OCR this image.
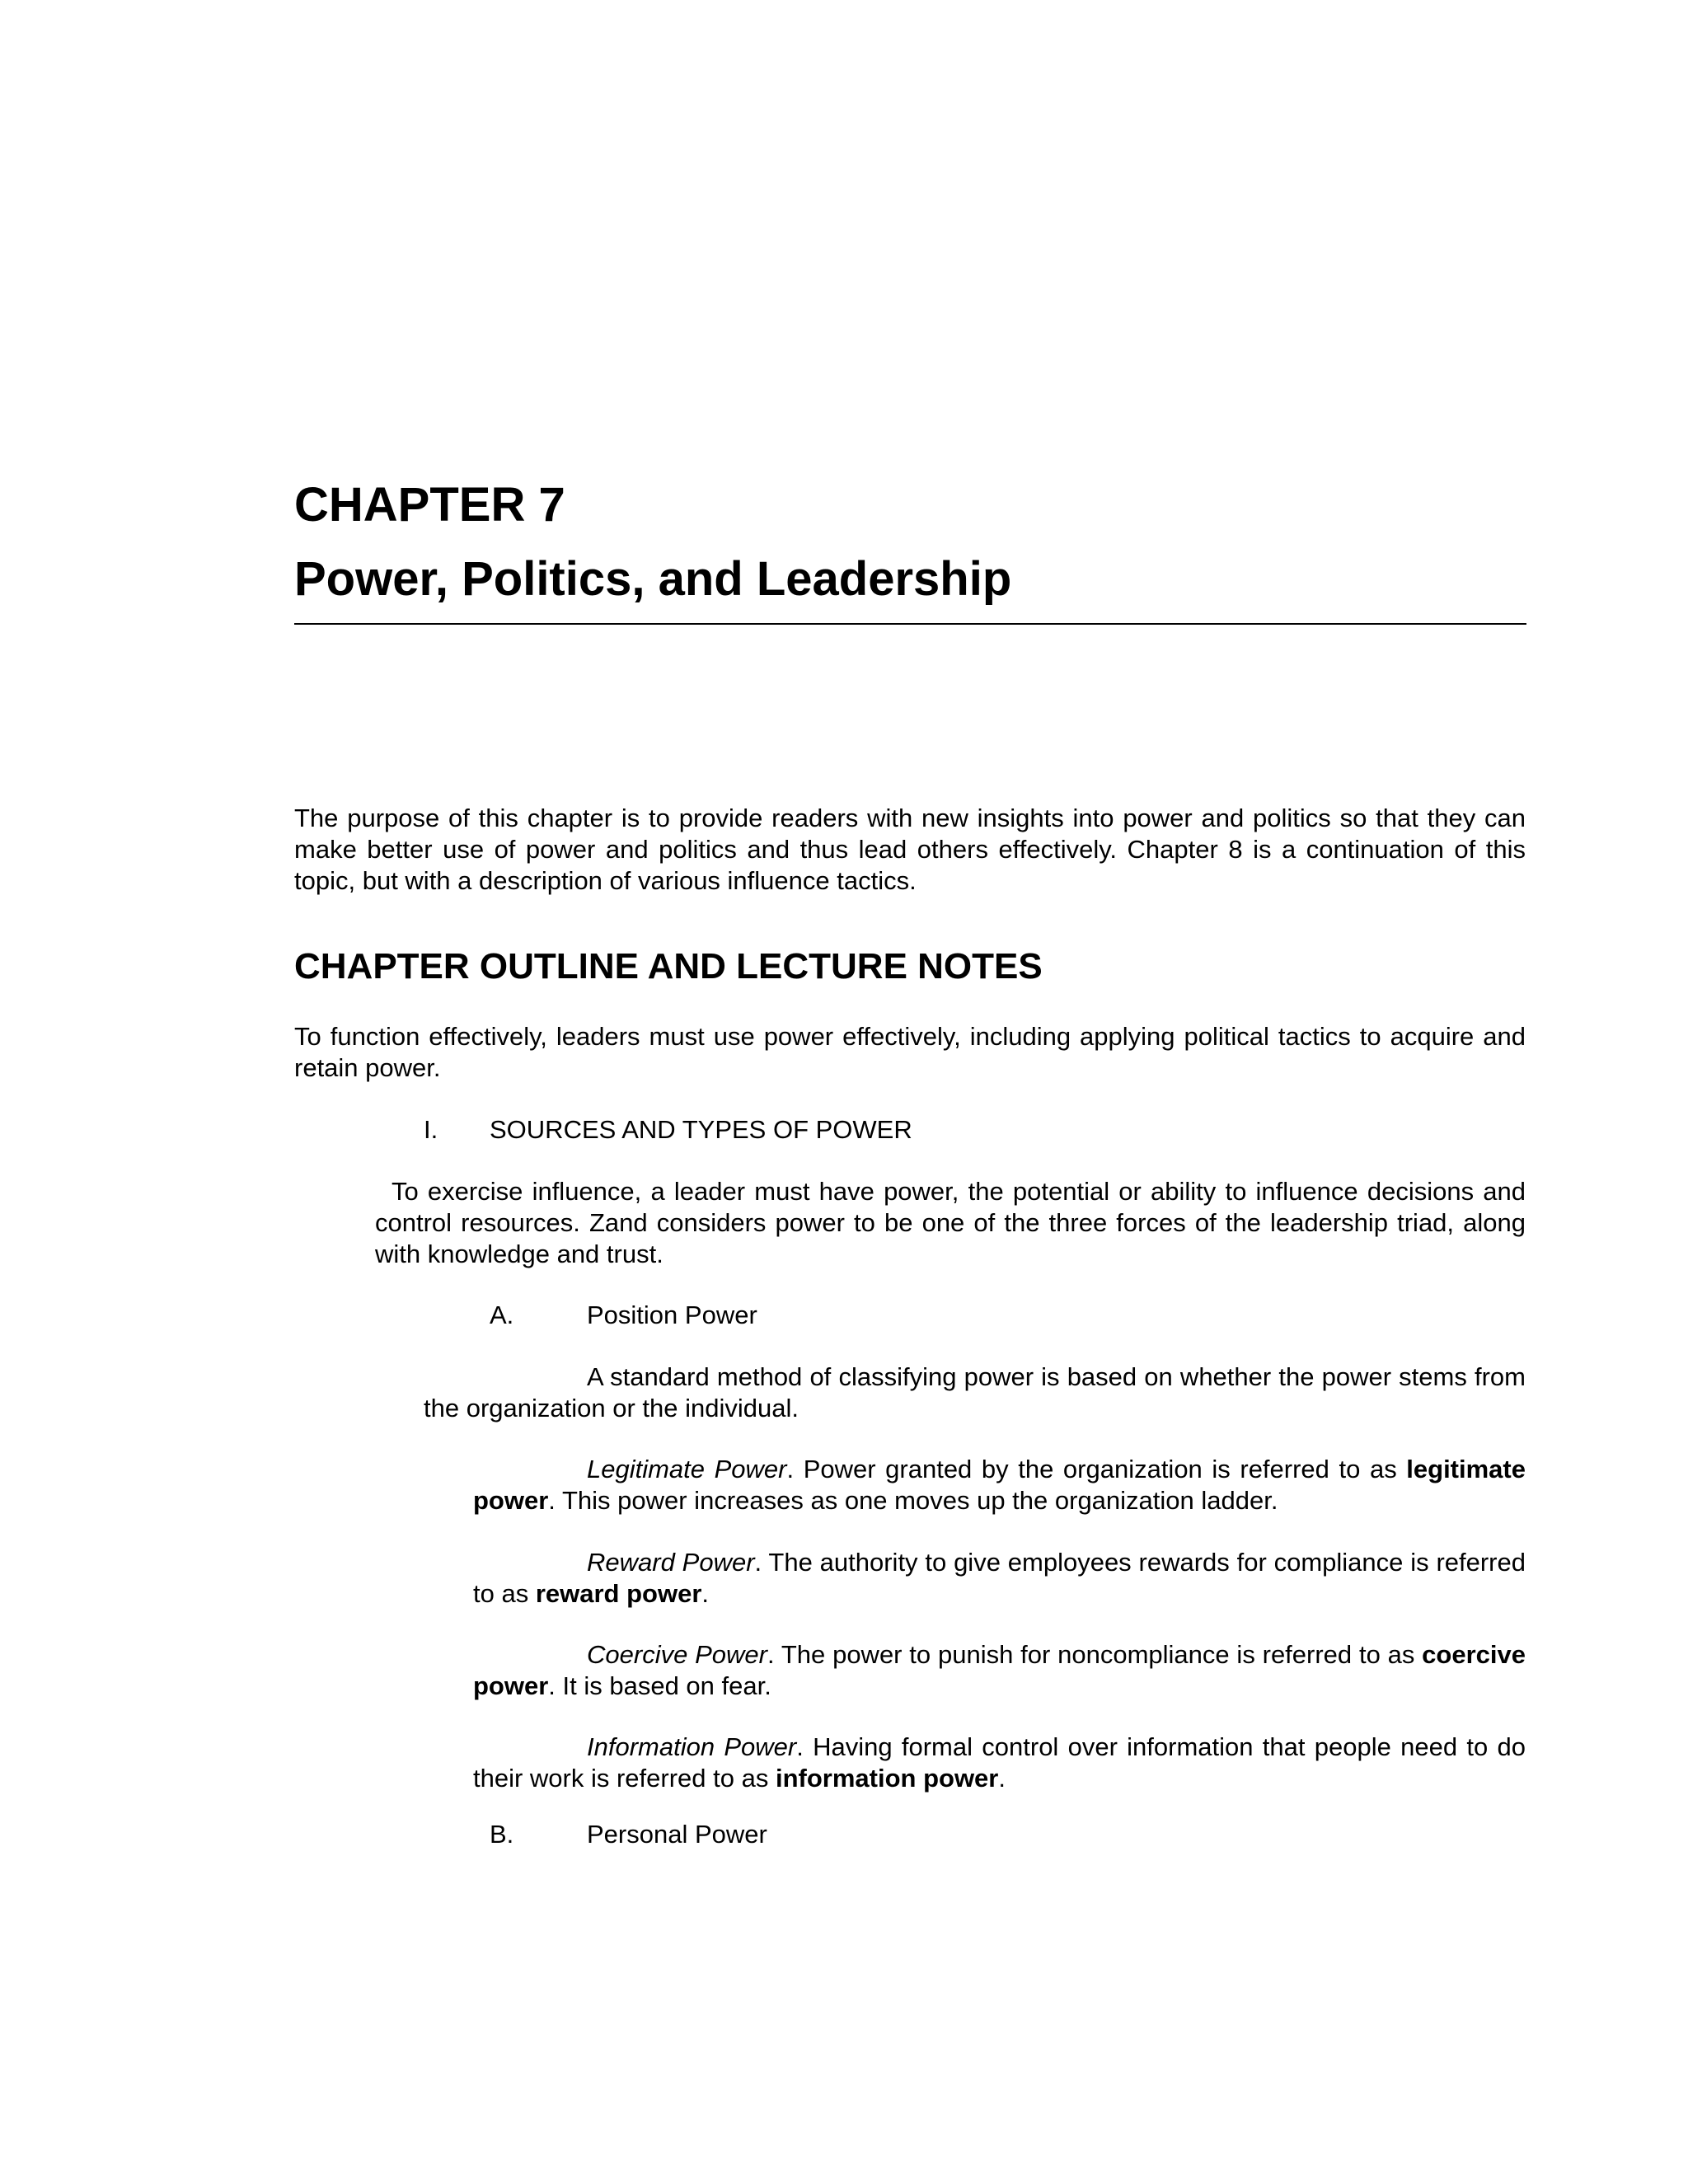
CHAPTER 7
Power, Politics, and Leadership

The purpose of this chapter is to provide readers with new insights into power and politics so that they can make better use of power and politics and thus lead others effectively. Chapter 8 is a continuation of this topic, but with a description of various influence tactics.

CHAPTER OUTLINE AND LECTURE NOTES

To function effectively, leaders must use power effectively, including applying political tactics to acquire and retain power.

I. SOURCES AND TYPES OF POWER

To exercise influence, a leader must have power, the potential or ability to influence decisions and control resources. Zand considers power to be one of the three forces of the leadership triad, along with knowledge and trust.

A.	Position Power

A standard method of classifying power is based on whether the power stems from the organization or the individual.

Legitimate Power. Power granted by the organization is referred to as legitimate power. This power increases as one moves up the organization ladder.

Reward Power. The authority to give employees rewards for compliance is referred to as reward power.

Coercive Power. The power to punish for noncompliance is referred to as coercive power. It is based on fear.

Information Power. Having formal control over information that people need to do their work is referred to as information power.

B.	Personal Power
